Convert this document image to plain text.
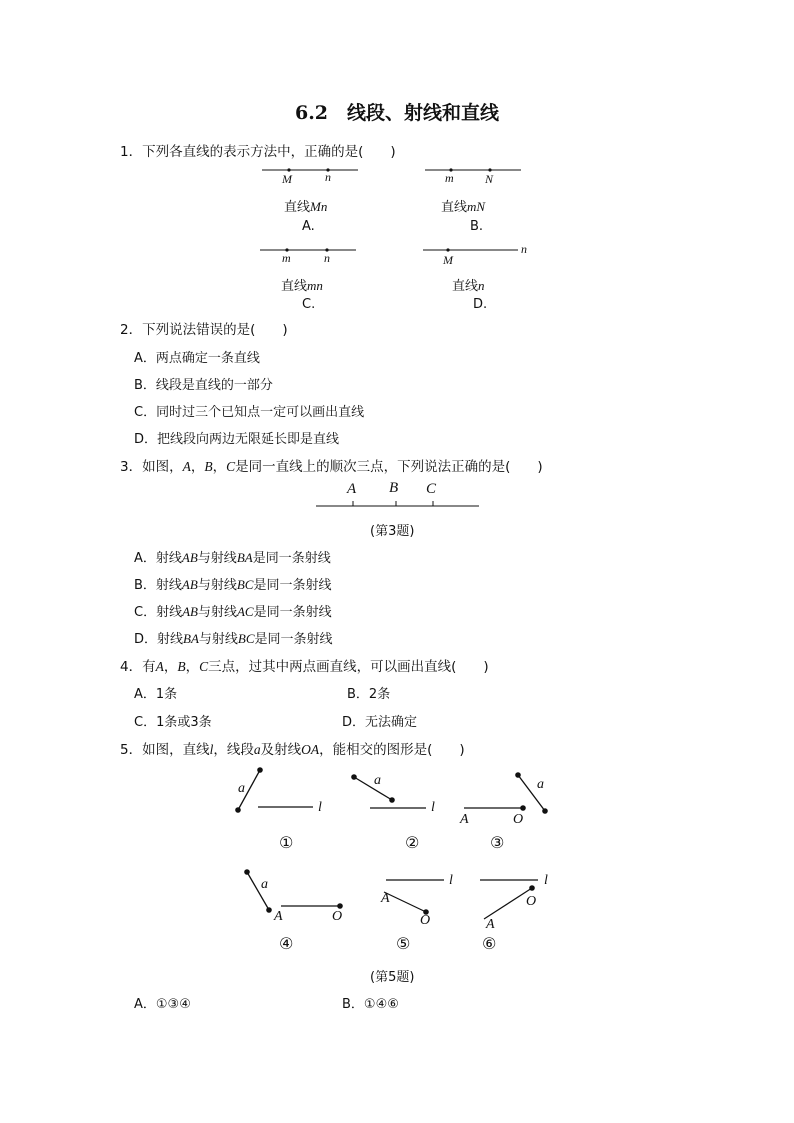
6.2　线段、射线和直线
1．下列各直线的表示方法中，正确的是(　　)
M	n
直线Mn
A.
m	N
直线mN
B.
m	n
直线mn
C.
M
n
直线n
D.
2．下列说法错误的是(　　)
A．两点确定一条直线
B．线段是直线的一部分
C．同时过三个已知点一定可以画出直线
D．把线段向两边无限延长即是直线
3．如图，A，B，C是同一直线上的顺次三点，下列说法正确的是(　　)
A B C
(第3题)
A．射线AB与射线BA是同一条射线
B．射线AB与射线BC是同一条射线
C．射线AB与射线AC是同一条射线
D．射线BA与射线BC是同一条射线
4．有A，B，C三点，过其中两点画直线，可以画出直线(　　)
A．1条	B．2条
C．1条或3条	D．无法确定
5．如图，直线l，线段a及射线OA，能相交的图形是(　　)
a
l
a
l
a
A	O
a
A	O
l
A
O
l
O
A
①	②	③
④	⑤	⑥
(第5题)
A．①③④	B．①④⑥
